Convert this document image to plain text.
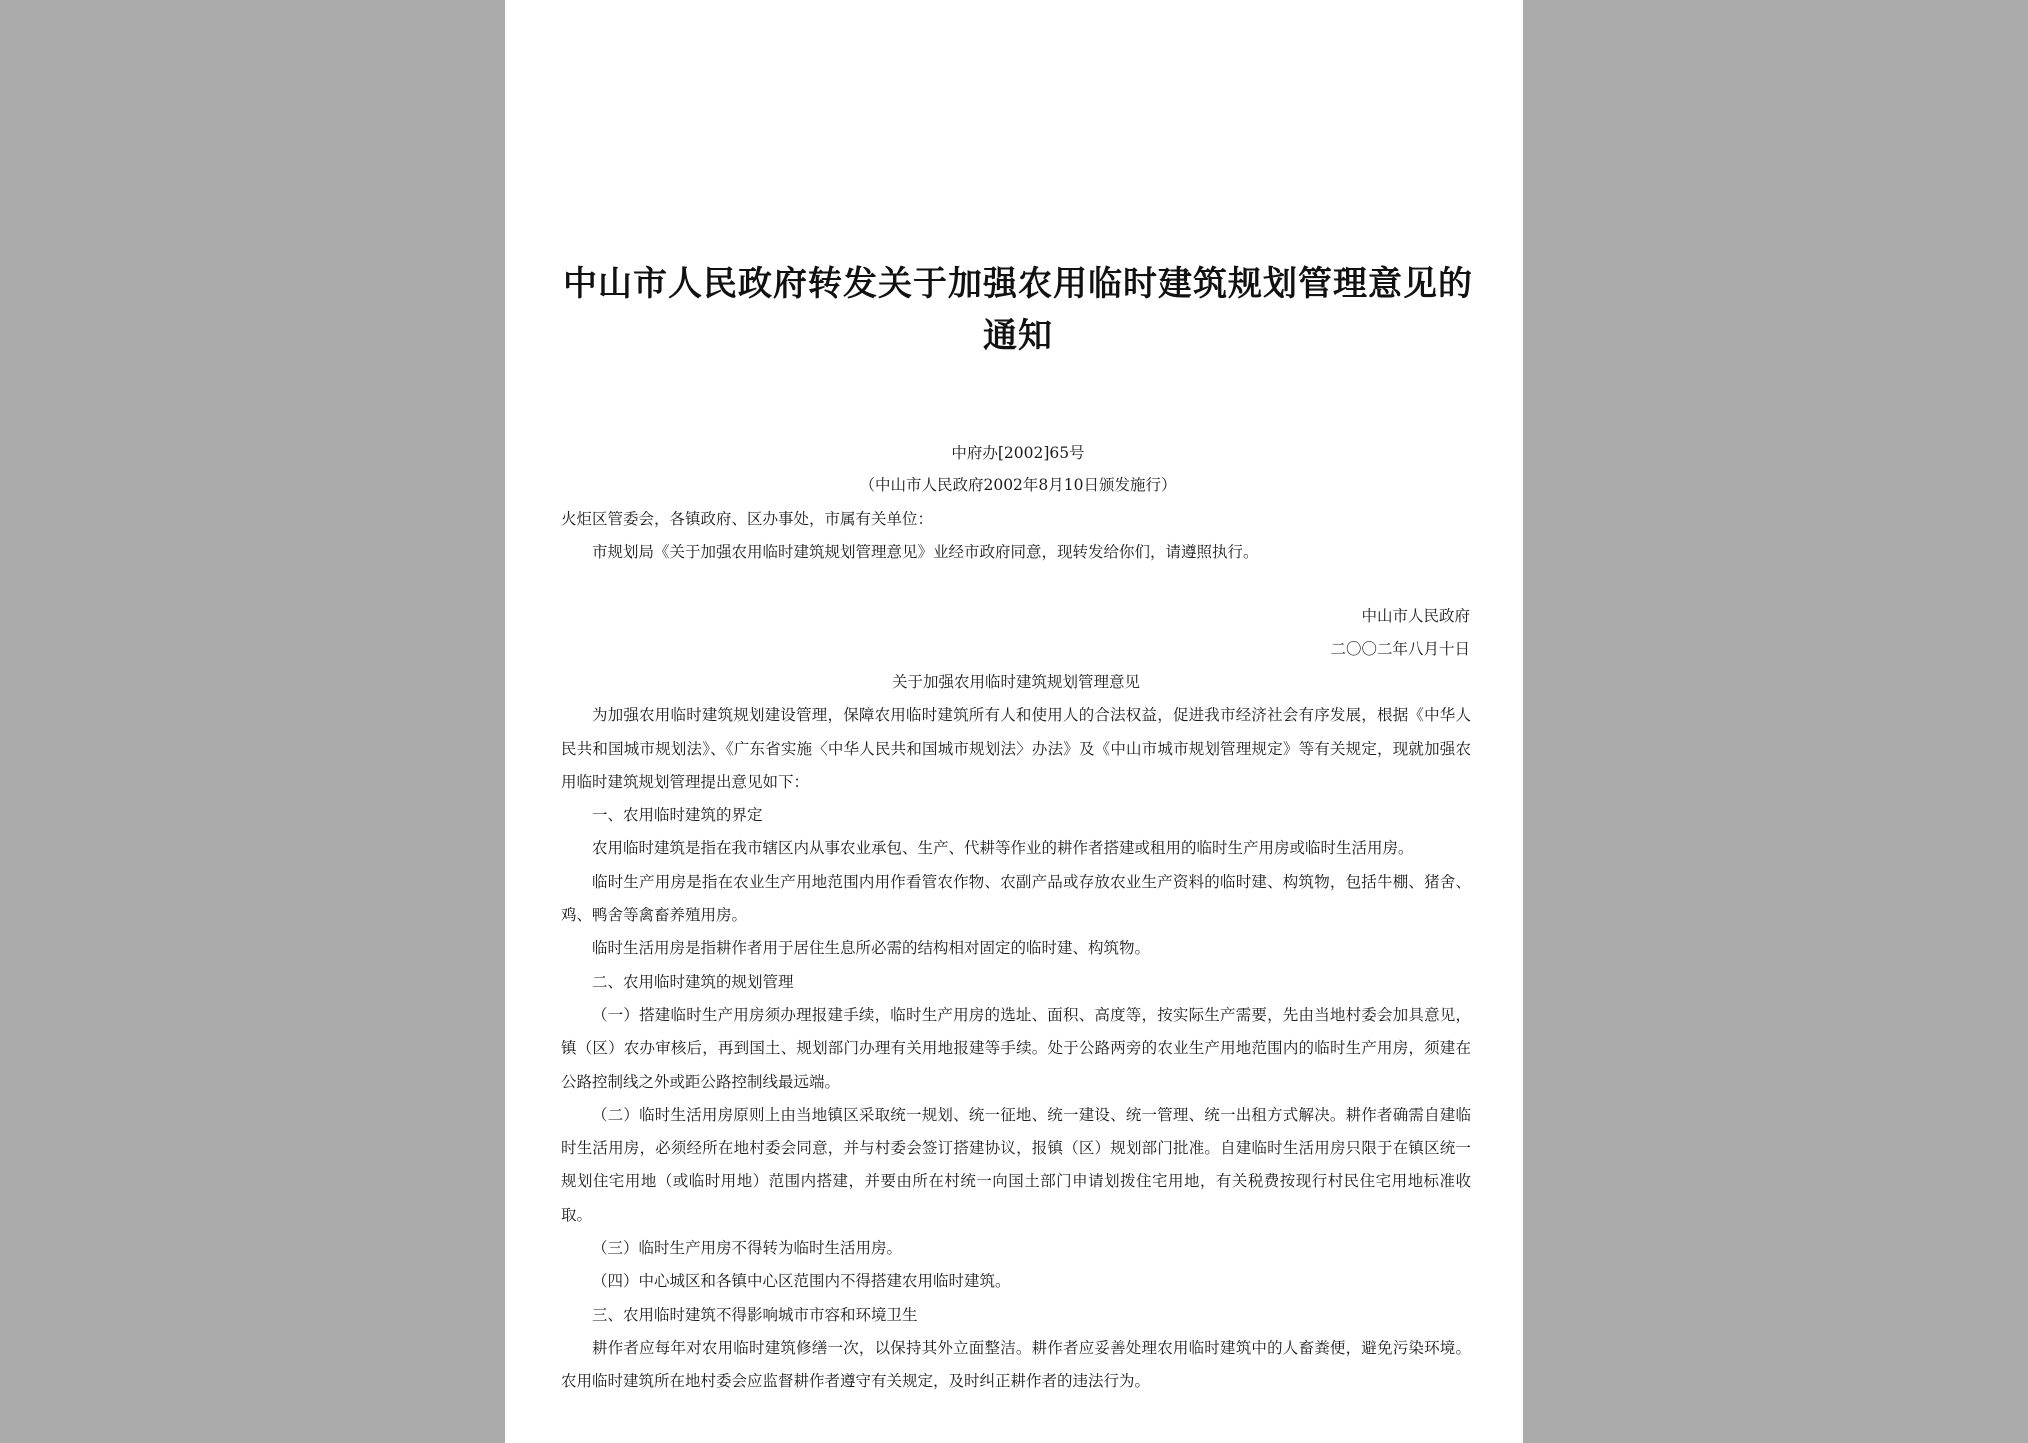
中山市人民政府转发关于加强农用临时建筑规划管理意见的通知
中府办[2002]65号
（中山市人民政府2002年8月10日颁发施行）

火炬区管委会，各镇政府、区办事处，市属有关单位：

市规划局《关于加强农用临时建筑规划管理意见》业经市政府同意，现转发给你们，请遵照执行。

中山市人民政府

二〇〇二年八月十日

关于加强农用临时建筑规划管理意见

为加强农用临时建筑规划建设管理，保障农用临时建筑所有人和使用人的合法权益，促进我市经济社会有序发展，根据《中华人民共和国城市规划法》、《广东省实施〈中华人民共和国城市规划法〉办法》及《中山市城市规划管理规定》等有关规定，现就加强农用临时建筑规划管理提出意见如下：

一、农用临时建筑的界定

农用临时建筑是指在我市辖区内从事农业承包、生产、代耕等作业的耕作者搭建或租用的临时生产用房或临时生活用房。

临时生产用房是指在农业生产用地范围内用作看管农作物、农副产品或存放农业生产资料的临时建、构筑物，包括牛棚、猪舍、鸡、鸭舍等禽畜养殖用房。

临时生活用房是指耕作者用于居住生息所必需的结构相对固定的临时建、构筑物。

二、农用临时建筑的规划管理

（一）搭建临时生产用房须办理报建手续，临时生产用房的选址、面积、高度等，按实际生产需要，先由当地村委会加具意见，镇（区）农办审核后，再到国土、规划部门办理有关用地报建等手续。处于公路两旁的农业生产用地范围内的临时生产用房，须建在公路控制线之外或距公路控制线最远端。

（二）临时生活用房原则上由当地镇区采取统一规划、统一征地、统一建设、统一管理、统一出租方式解决。耕作者确需自建临时生活用房，必须经所在地村委会同意，并与村委会签订搭建协议，报镇（区）规划部门批准。自建临时生活用房只限于在镇区统一规划住宅用地（或临时用地）范围内搭建，并要由所在村统一向国土部门申请划拨住宅用地，有关税费按现行村民住宅用地标准收取。

（三）临时生产用房不得转为临时生活用房。

（四）中心城区和各镇中心区范围内不得搭建农用临时建筑。

三、农用临时建筑不得影响城市市容和环境卫生

耕作者应每年对农用临时建筑修缮一次，以保持其外立面整洁。耕作者应妥善处理农用临时建筑中的人畜粪便，避免污染环境。农用临时建筑所在地村委会应监督耕作者遵守有关规定，及时纠正耕作者的违法行为。
